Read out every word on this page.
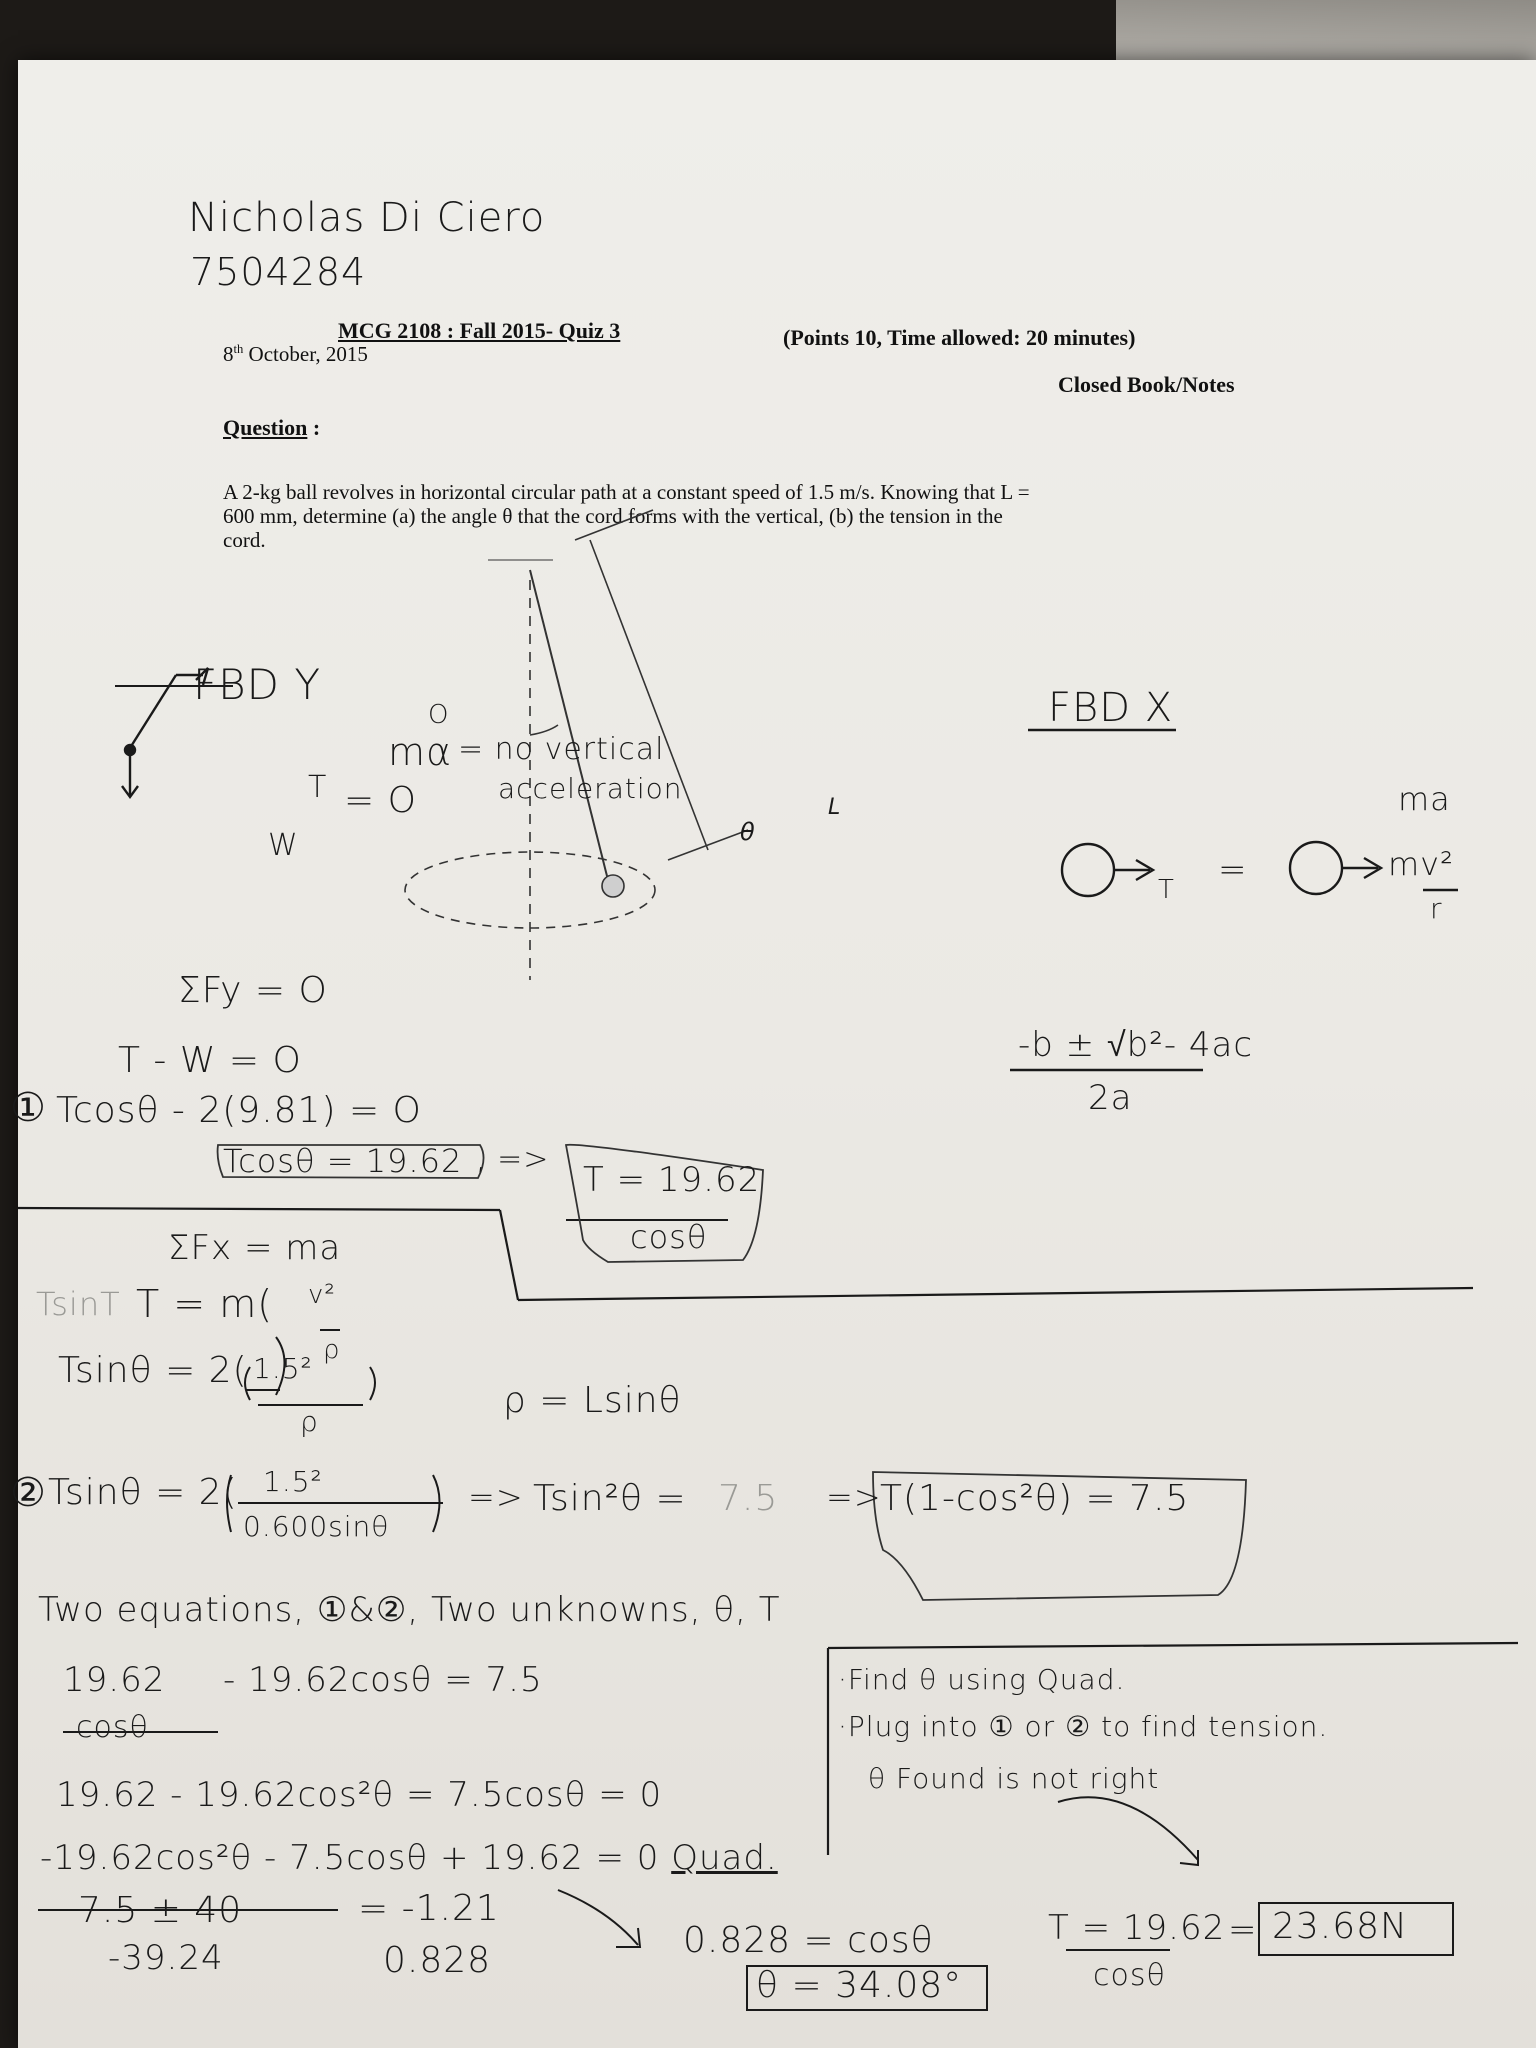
Nicholas Di Ciero
7504284
MCG 2108 : Fall 2015- Quiz 3	(Points 10, Time allowed: 20 minutes)
8th October, 2015
Closed Book/Notes
Question :
A 2-kg ball revolves in horizontal circular path at a constant speed of 1.5 m/s. Knowing that L =
600 mm, determine (a) the angle θ that the cord forms with the vertical, (b) the tension in the
cord.
θ
L
FBD Y
T
W
= O
O
mα = no vertical
acceleration
FBD X
ma
T =	mv²
r
-b ± √b²- 4ac
2a
ΣFy = O
T - W = O
① Tcosθ - 2(9.81) = O
Tcosθ = 19.62 , =>
T = 19.62
cosθ
ΣFx = ma
TsinT T = m( v²
ρ
Tsinθ = 2( 1.5²
ρ
ρ = Lsinθ
② Tsinθ = 2( 1.5²
0.600sinθ
=> Tsin²θ = 7.5 =>
T(1-cos²θ) = 7.5
Two equations, ①&②, Two unknowns, θ, T
19.62 - 19.62cosθ = 7.5
cosθ
19.62 - 19.62cos²θ = 7.5cosθ = 0
-19.62cos²θ - 7.5cosθ + 19.62 = 0 Quad.
7.5 ± 40
-39.24
= -1.21
0.828	0.828 = cosθ
θ = 34.08°
T = 19.62
cosθ
= 23.68N
·Find θ using Quad.
·Plug into ① or ② to find tension.
θ Found is not right
